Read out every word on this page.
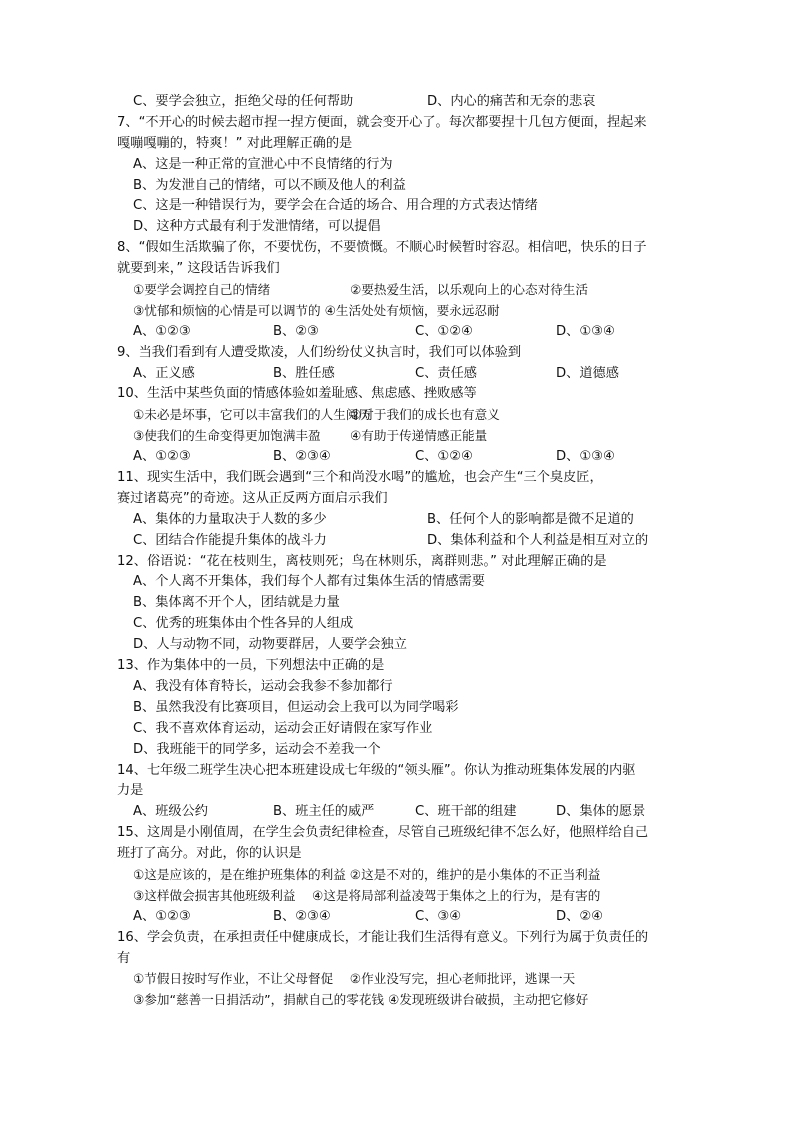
C、要学会独立，拒绝父母的任何帮助	D、内心的痛苦和无奈的悲哀
7、“不开心的时候去超市捏一捏方便面，就会变开心了。每次都要捏十几包方便面，捏起来
嘎嘣嘎嘣的，特爽！” 对此理解正确的是
A、这是一种正常的宣泄心中不良情绪的行为
B、为发泄自己的情绪，可以不顾及他人的利益
C、这是一种错误行为，要学会在合适的场合、用合理的方式表达情绪
D、这种方式最有利于发泄情绪，可以提倡
8、“假如生活欺骗了你，不要忧伤，不要愤慨。不顺心时候暂时容忍。相信吧，快乐的日子
就要到来，” 这段话告诉我们
①要学会调控自己的情绪	②要热爱生活，以乐观向上的心态对待生活
③忧郁和烦恼的心情是可以调节的 ④生活处处有烦恼，要永远忍耐
A、①②③	B、②③	C、①②④	D、①③④
9、当我们看到有人遭受欺凌，人们纷纷仗义执言时，我们可以体验到
A、正义感	B、胜任感	C、责任感	D、道德感
10、生活中某些负面的情感体验如羞耻感、焦虑感、挫败感等
①未必是坏事，它可以丰富我们的人生阅历
②对于我们的成长也有意义
③使我们的生命变得更加饱满丰盈 ④有助于传递情感正能量
A、①②③	B、②③④	C、①②④	D、①③④
11、现实生活中，我们既会遇到“三个和尚没水喝”的尴尬，也会产生“三个臭皮匠，
赛过诸葛亮”的奇迹。这从正反两方面启示我们
A、集体的力量取决于人数的多少	B、任何个人的影响都是微不足道的
C、团结合作能提升集体的战斗力	D、集体利益和个人利益是相互对立的
12、俗语说：“花在枝则生，离枝则死；鸟在林则乐，离群则悲。” 对此理解正确的是
A、个人离不开集体，我们每个人都有过集体生活的情感需要
B、集体离不开个人，团结就是力量
C、优秀的班集体由个性各异的人组成
D、人与动物不同，动物要群居，人要学会独立
13、作为集体中的一员，下列想法中正确的是
A、我没有体育特长，运动会我参不参加都行
B、虽然我没有比赛项目，但运动会上我可以为同学喝彩
C、我不喜欢体育运动，运动会正好请假在家写作业
D、我班能干的同学多，运动会不差我一个
14、七年级二班学生决心把本班建设成七年级的“领头雁”。你认为推动班集体发展的内驱
力是
A、班级公约	B、班主任的威严	C、班干部的组建	D、集体的愿景
15、这周是小刚值周，在学生会负责纪律检查，尽管自己班级纪律不怎么好，他照样给自己
班打了高分。对此，你的认识是
①这是应该的，是在维护班集体的利益 ②这是不对的，维护的是小集体的不正当利益
③这样做会损害其他班级利益　 ④这是将局部利益凌驾于集体之上的行为，是有害的
A、①②③	B、②③④	C、③④	D、②④
16、学会负责，在承担责任中健康成长，才能让我们生活得有意义。下列行为属于负责任的
有
①节假日按时写作业，不让父母督促　 ②作业没写完，担心老师批评，逃课一天
③参加“慈善一日捐活动”，捐献自己的零花钱 ④发现班级讲台破损，主动把它修好
